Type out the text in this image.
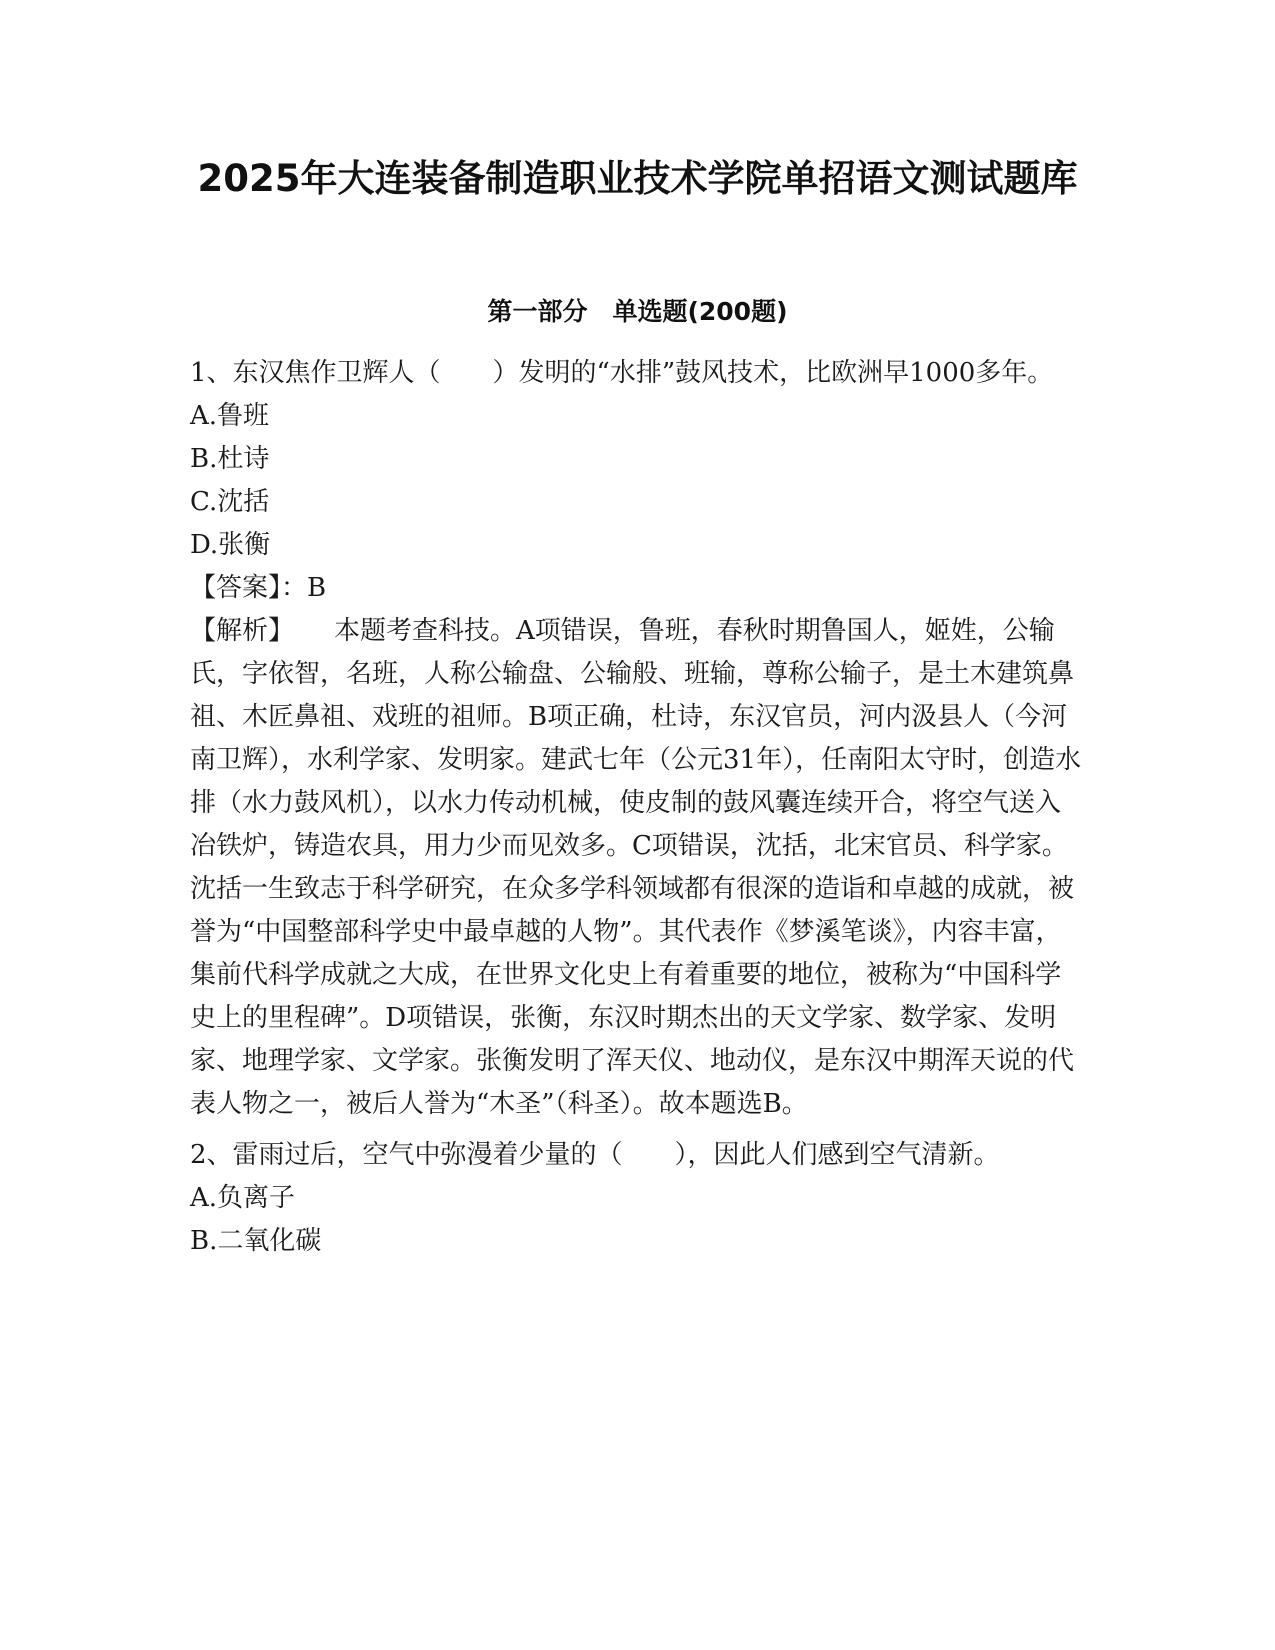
2025年大连装备制造职业技术学院单招语文测试题库
第一部分　单选题(200题)

1、东汉焦作卫辉人（　　）发明的“水排”鼓风技术，比欧洲早1000多年。

A.鲁班

B.杜诗

C.沈括

D.张衡

【答案】：B

【解析】 本题考查科技。A项错误，鲁班，春秋时期鲁国人，姬姓，公输氏，字依智，名班，人称公输盘、公输般、班输，尊称公输子，是土木建筑鼻祖、木匠鼻祖、戏班的祖师。B项正确，杜诗，东汉官员，河内汲县人（今河南卫辉），水利学家、发明家。建武七年（公元31年），任南阳太守时，创造水排（水力鼓风机），以水力传动机械，使皮制的鼓风囊连续开合，将空气送入冶铁炉，铸造农具，用力少而见效多。C项错误，沈括，北宋官员、科学家。沈括一生致志于科学研究，在众多学科领域都有很深的造诣和卓越的成就，被誉为“中国整部科学史中最卓越的人物”。其代表作《梦溪笔谈》，内容丰富，集前代科学成就之大成，在世界文化史上有着重要的地位，被称为“中国科学史上的里程碑”。D项错误，张衡，东汉时期杰出的天文学家、数学家、发明家、地理学家、文学家。张衡发明了浑天仪、地动仪，是东汉中期浑天说的代表人物之一，被后人誉为“木圣”（科圣）。故本题选B。

2、雷雨过后，空气中弥漫着少量的（　　），因此人们感到空气清新。

A.负离子

B.二氧化碳
